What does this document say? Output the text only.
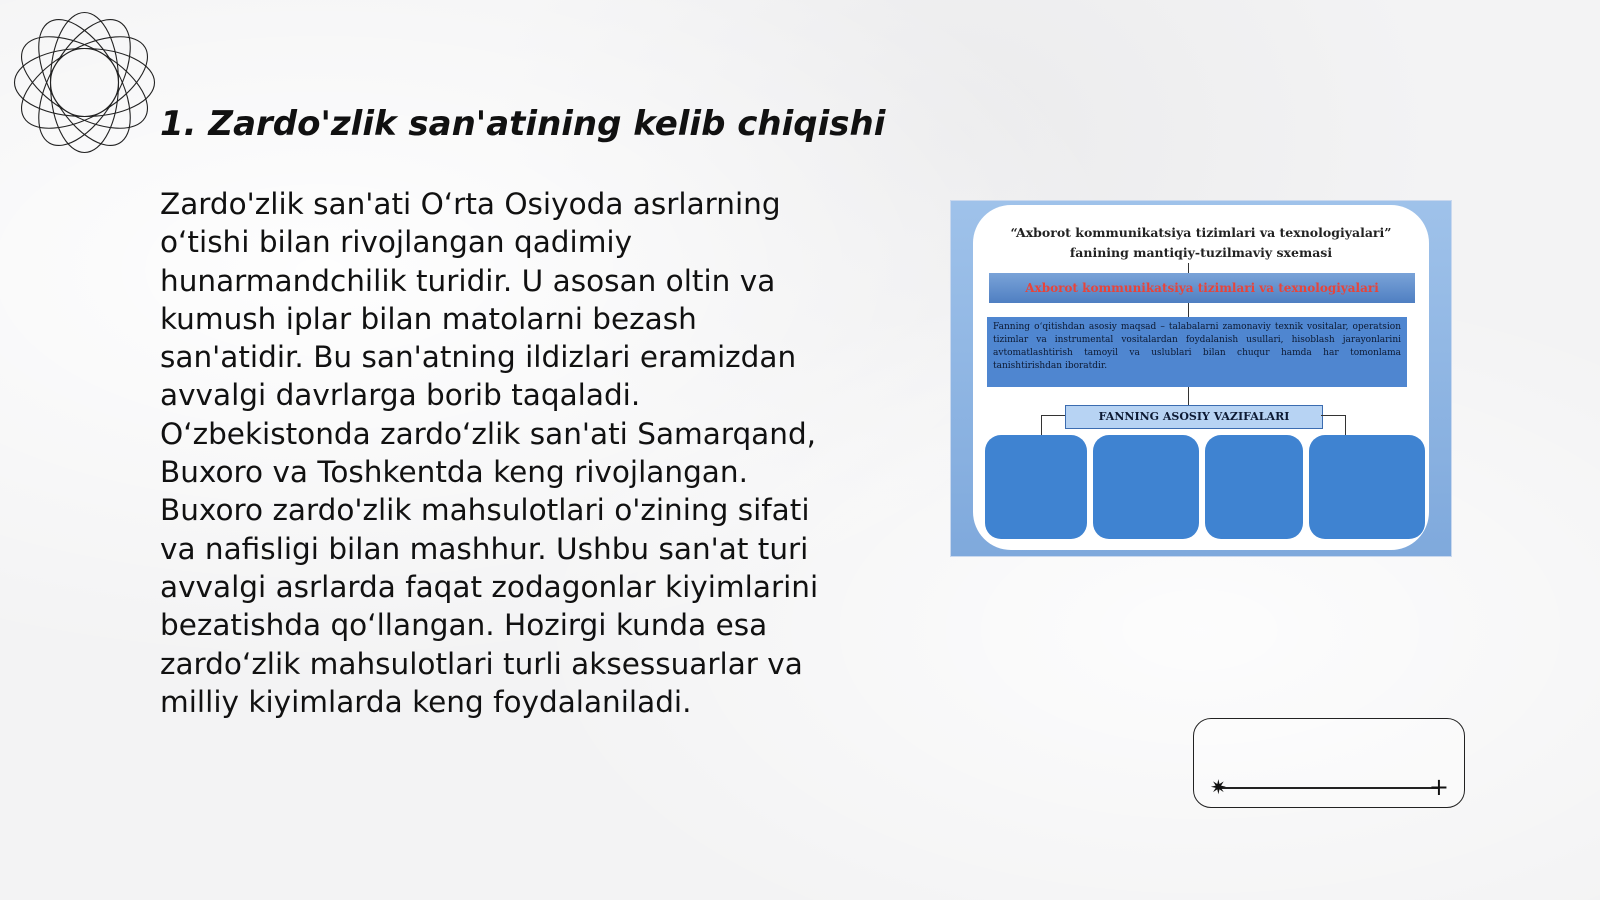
1. Zardo'zlik san'atining kelib chiqishi

Zardo'zlik san'ati O‘rta Osiyoda asrlarning o‘tishi bilan rivojlangan qadimiy hunarmandchilik turidir. U asosan oltin va kumush iplar bilan matolarni bezash san'atidir. Bu san'atning ildizlari eramizdan avvalgi davrlarga borib taqaladi. O‘zbekistonda zardo‘zlik san'ati Samarqand, Buxoro va Toshkentda keng rivojlangan. Buxoro zardo'zlik mahsulotlari o'zining sifati va nafisligi bilan mashhur. Ushbu san'at turi avvalgi asrlarda faqat zodagonlar kiyimlarini bezatishda qo‘llangan. Hozirgi kunda esa zardo‘zlik mahsulotlari turli aksessuarlar va milliy kiyimlarda keng foydalaniladi.

“Axborot kommunikatsiya tizimlari va texnologiyalari”
fanining mantiqiy-tuzilmaviy sxemasi
Axborot kommunikatsiya tizimlari va texnologiyalari
Fanning o‘qitishdan asosiy maqsad – talabalarni zamonaviy texnik vositalar, operatsion tizimlar va instrumental vositalardan foydalanish usullari, hisoblash jarayonlarini avtomatlashtirish tamoyil va uslublari bilan chuqur hamda har tomonlama tanishtirishdan iboratdir.
FANNING ASOSIY VAZIFALARI
✷	+
